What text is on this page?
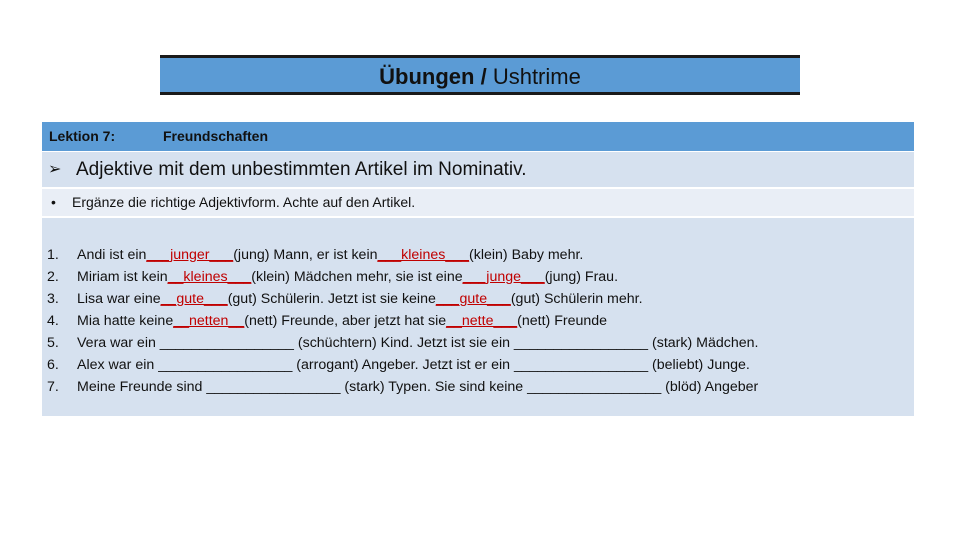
Übungen / Ushtrime
Lektion 7:	Freundschaften
➢ Adjektive mit dem unbestimmten Artikel im Nominativ.
• Ergänze die richtige Adjektivform. Achte auf den Artikel.
1. Andi ist ein___junger___(jung) Mann, er ist kein___kleines___(klein) Baby mehr.
2. Miriam ist kein__kleines___(klein) Mädchen mehr, sie ist eine___junge___(jung) Frau.
3. Lisa war eine__gute___(gut) Schülerin. Jetzt ist sie keine___gute___(gut) Schülerin mehr.
4. Mia hatte keine__netten__(nett) Freunde, aber jetzt hat sie__nette___(nett) Freunde
5. Vera war ein _________________ (schüchtern) Kind. Jetzt ist sie ein _________________ (stark) Mädchen.
6. Alex war ein _________________ (arrogant) Angeber. Jetzt ist er ein _________________ (beliebt) Junge.
7. Meine Freunde sind _________________ (stark) Typen. Sie sind keine _________________ (blöd) Angeber
